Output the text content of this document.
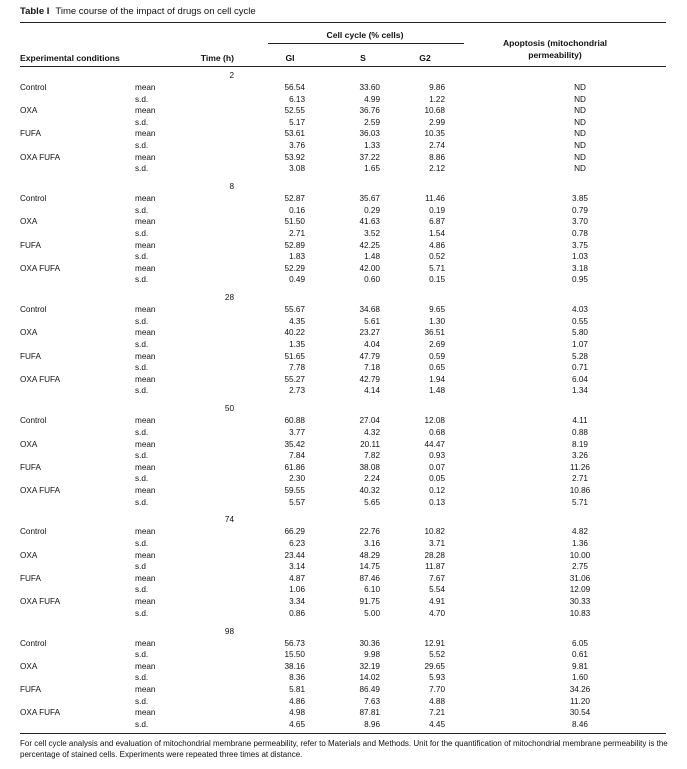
Table I Time course of the impact of drugs on cell cycle
Cell cycle (% cells)
Experimental conditions	Time (h)	GI	S	G2
Apoptosis (mitochondrial
permeability)
2
Control	mean	56.54	33.60	9.86	ND
s.d.	6.13	4.99	1.22	ND
OXA	mean	52.55	36.76	10.68	ND
s.d.	5.17	2.59	2.99	ND
FUFA	mean	53.61	36.03	10.35	ND
s.d.	3.76	1.33	2.74	ND
OXA FUFA	mean	53.92	37.22	8.86	ND
s.d.	3.08	1.65	2.12	ND
8
Control	mean	52.87	35.67	11.46	3.85
s.d.	0.16	0.29	0.19	0.79
OXA	mean	51.50	41.63	6.87	3.70
s.d.	2.71	3.52	1.54	0.78
FUFA	mean	52.89	42.25	4.86	3.75
s.d.	1.83	1.48	0.52	1.03
OXA FUFA	mean	52.29	42.00	5.71	3.18
s.d.	0.49	0.60	0.15	0.95
28
Control	mean	55.67	34.68	9.65	4.03
s.d.	4.35	5.61	1.30	0.55
OXA	mean	40.22	23.27	36.51	5.80
s.d.	1.35	4.04	2.69	1.07
FUFA	mean	51.65	47.79	0.59	5.28
s.d.	7.78	7.18	0.65	0.71
OXA FUFA	mean	55.27	42.79	1.94	6.04
s.d.	2.73	4.14	1.48	1.34
50
Control	mean	60.88	27.04	12.08	4.11
s.d.	3.77	4.32	0.68	0.88
OXA	mean	35.42	20.11	44.47	8.19
s.d.	7.84	7.82	0.93	3.26
FUFA	mean	61.86	38.08	0.07	11.26
s.d.	2.30	2.24	0.05	2.71
OXA FUFA	mean	59.55	40.32	0.12	10.86
s.d.	5.57	5.65	0.13	5.71
74
Control	mean	66.29	22.76	10.82	4.82
s.d.	6.23	3.16	3.71	1.36
OXA	mean	23.44	48.29	28.28	10.00
s.d	3.14	14.75	11.87	2.75
FUFA	mean	4.87	87.46	7.67	31.06
s.d.	1.06	6.10	5.54	12.09
OXA FUFA	mean	3.34	91.75	4.91	30.33
s.d.	0.86	5.00	4.70	10.83
98
Control	mean	56.73	30.36	12.91	6.05
s.d.	15.50	9.98	5.52	0.61
OXA	mean	38.16	32.19	29.65	9.81
s.d.	8.36	14.02	5.93	1.60
FUFA	mean	5.81	86.49	7.70	34.26
s.d.	4.86	7.63	4.88	11.20
OXA FUFA	mean	4.98	87.81	7.21	30.54
s.d.	4.65	8.96	4.45	8.46
For cell cycle analysis and evaluation of mitochondrial membrane permeability, refer to Materials and Methods. Unit for the quantification of mitochondrial membrane permeability is the percentage of stained cells. Experiments were repeated three times at distance.
